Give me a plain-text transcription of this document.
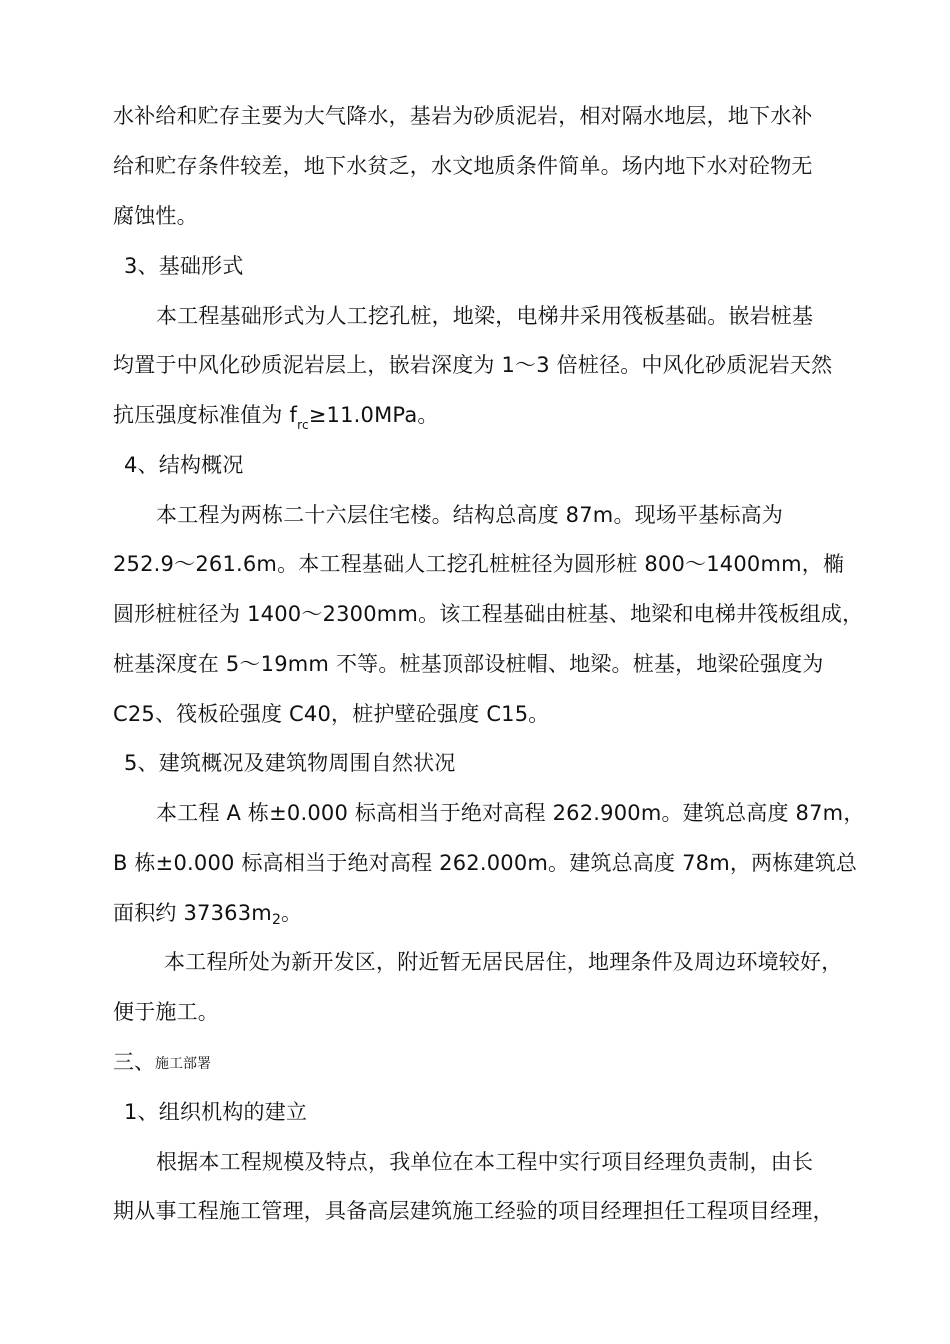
水补给和贮存主要为大气降水，基岩为砂质泥岩，相对隔水地层，地下水补
给和贮存条件较差，地下水贫乏，水文地质条件简单。场内地下水对砼物无
腐蚀性。
3、基础形式
本工程基础形式为人工挖孔桩，地梁，电梯井采用筏板基础。嵌岩桩基
均置于中风化砂质泥岩层上，嵌岩深度为 1～3 倍桩径。中风化砂质泥岩天然
抗压强度标准值为 $f_{rc}\ge 11.0MPa$。
4、结构概况
本工程为两栋二十六层住宅楼。结构总高度 87m。现场平基标高为
252.9～261.6m。本工程基础人工挖孔桩桩径为圆形桩 800～1400mm，椭
圆形桩桩径为 1400～2300mm。该工程基础由桩基、地梁和电梯井筏板组成，
桩基深度在 5～19mm 不等。桩基顶部设桩帽、地梁。桩基，地梁砼强度为
C25、筏板砼强度 C40，桩护壁砼强度 C15。
5、建筑概况及建筑物周围自然状况
本工程 A 栋±0.000 标高相当于绝对高程 262.900m。建筑总高度 87m，
B 栋±0.000 标高相当于绝对高程 262.000m。建筑总高度 78m，两栋建筑总
面积约 37363m2。
本工程所处为新开发区，附近暂无居民居住，地理条件及周边环境较好，
便于施工。
三、施工部署
1、组织机构的建立
根据本工程规模及特点，我单位在本工程中实行项目经理负责制，由长
期从事工程施工管理，具备高层建筑施工经验的项目经理担任工程项目经理，
